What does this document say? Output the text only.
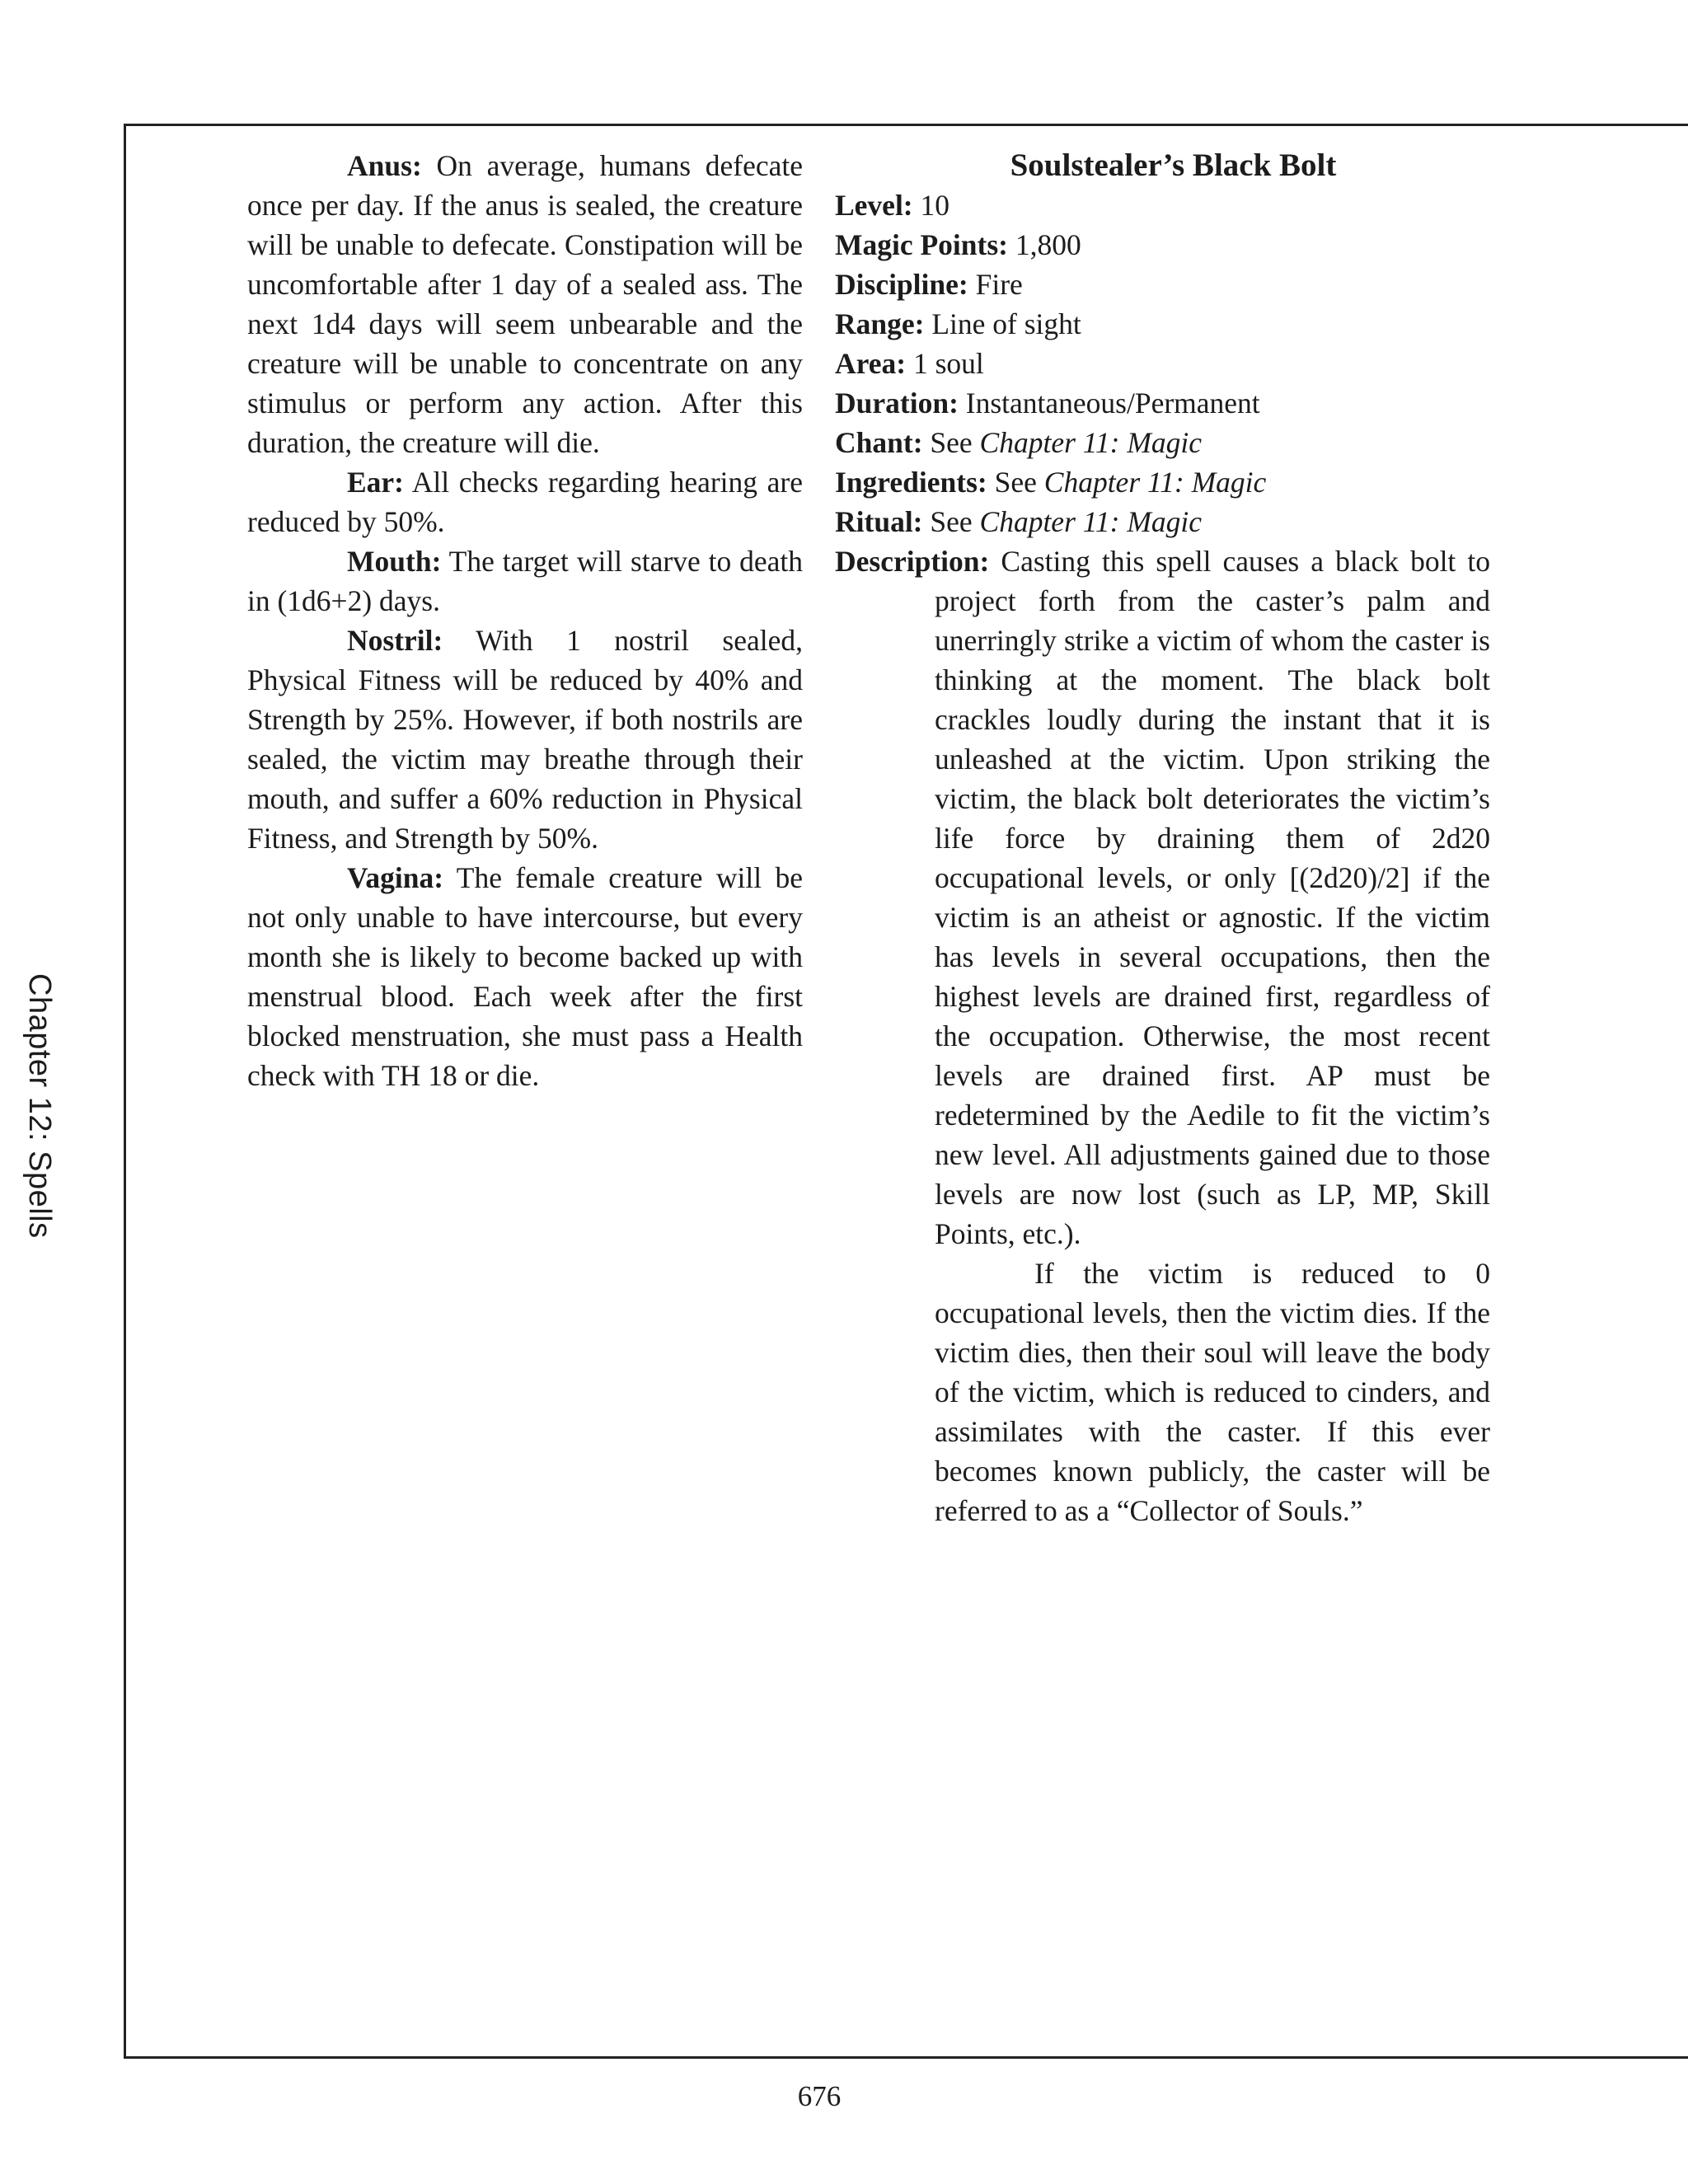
Chapter 12: Spells

Anus: On average, humans defecate once per day. If the anus is sealed, the creature will be unable to defecate. Constipation will be uncomfortable after 1 day of a sealed ass. The next 1d4 days will seem unbearable and the creature will be unable to concentrate on any stimulus or perform any action. After this duration, the creature will die.

Ear: All checks regarding hearing are reduced by 50%.

Mouth: The target will starve to death in (1d6+2) days.

Nostril: With 1 nostril sealed, Physical Fitness will be reduced by 40% and Strength by 25%. However, if both nostrils are sealed, the victim may breathe through their mouth, and suffer a 60% reduction in Physical Fitness, and Strength by 50%.

Vagina: The female creature will be not only unable to have intercourse, but every month she is likely to become backed up with menstrual blood. Each week after the first blocked menstruation, she must pass a Health check with TH 18 or die.

Soulstealer’s Black Bolt

Level: 10

Magic Points: 1,800

Discipline: Fire

Range: Line of sight

Area: 1 soul

Duration: Instantaneous/Permanent

Chant: See Chapter 11: Magic

Ingredients: See Chapter 11: Magic

Ritual: See Chapter 11: Magic

Description: Casting this spell causes a black bolt to project forth from the caster’s palm and unerringly strike a victim of whom the caster is thinking at the moment. The black bolt crackles loudly during the instant that it is unleashed at the victim. Upon striking the victim, the black bolt deteriorates the victim’s life force by draining them of 2d20 occupational levels, or only [(2d20)/2] if the victim is an atheist or agnostic. If the victim has levels in several occupations, then the highest levels are drained first, regardless of the occupation. Otherwise, the most recent levels are drained first. AP must be redetermined by the Aedile to fit the victim’s new level. All adjustments gained due to those levels are now lost (such as LP, MP, Skill Points, etc.).

If the victim is reduced to 0 occupational levels, then the victim dies. If the victim dies, then their soul will leave the body of the victim, which is reduced to cinders, and assimilates with the caster. If this ever becomes known publicly, the caster will be referred to as a “Collector of Souls.”

676
